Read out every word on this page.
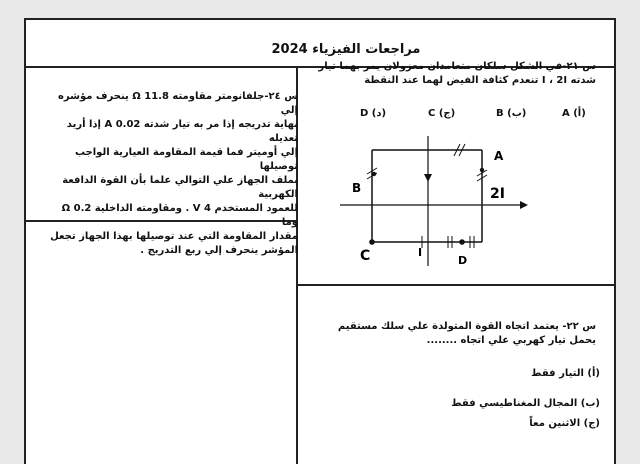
مراجعات الفيزياء 2024
س ٢١-في الشكل سلكان متعامدان معزولان يمر بهما تيار
شدته I ، 2I تنعدم كثافة الفيض لهما عند النقطة
A (أ)
B (ب)
C (ج)
D (د)
A
B
C	D
I
2I
س ٢٤-جلفانومتر مقاومته Ω 11.8 ينحرف مؤشره إلي
نهاية تدريجه إذا مر به تيار شدته A 0.02 إذا أريد تعديله
إلي أوميتر فما قيمة المقاومة العيارية الواجب توصيلها
بملف الجهاز علي التوالي علما بأن القوة الدافعة الكهربية
للعمود المستخدم V 4 . ومقاومته الداخلية Ω 0.2 وما
مقدار المقاومة التي عند توصيلها بهذا الجهاز تجعل
المؤشر ينحرف إلي ربع التدريج .
س ٢٢- يعتمد اتجاه القوة المتولدة علي سلك مستقيم
يحمل تيار كهربي علي اتجاه ........
(أ) التيار فقط
(ب) المجال المغناطيسي فقط
(ج) الاثنين معاً
